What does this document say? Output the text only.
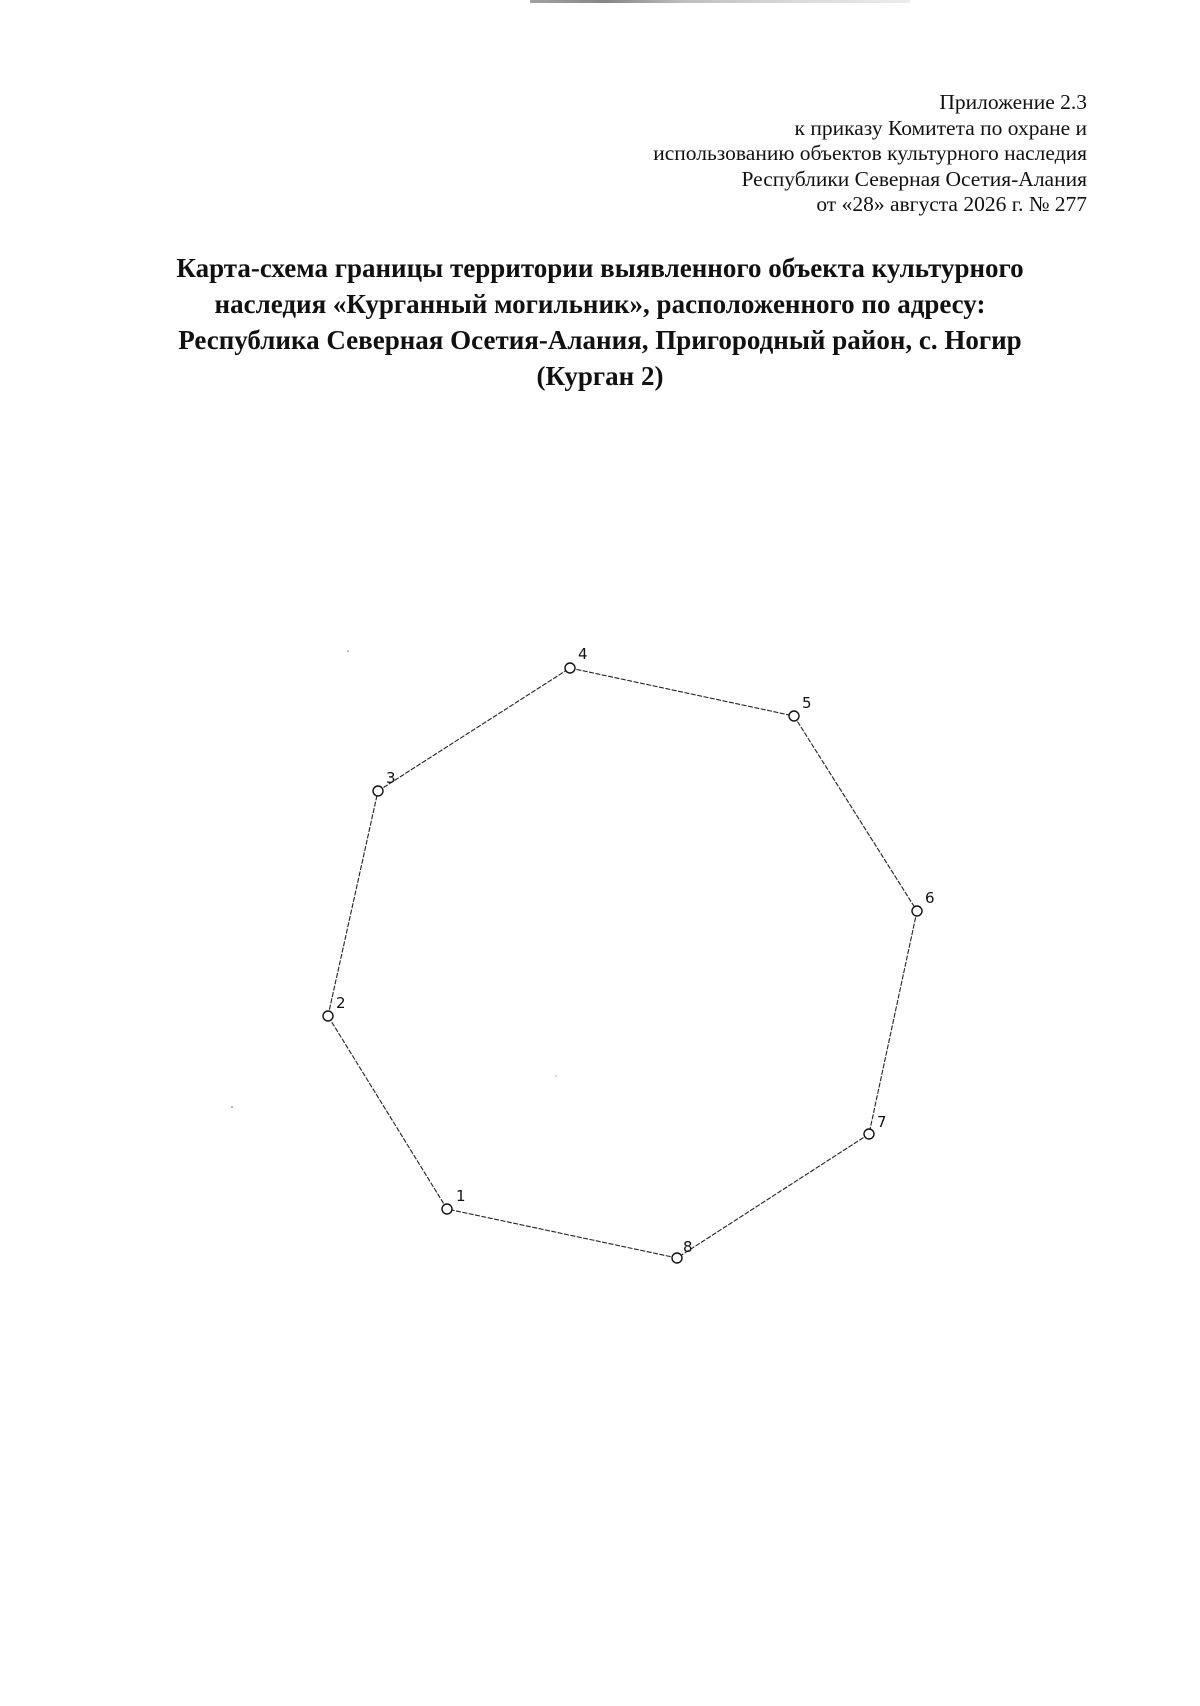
Приложение 2.3
к приказу Комитета по охране и
использованию объектов культурного наследия
Республики Северная Осетия-Алания
от «28» августа 2026 г. № 277
Карта-схема границы территории выявленного объекта культурного
наследия «Курганный могильник», расположенного по адресу:
Республика Северная Осетия-Алания, Пригородный район, с. Ногир
(Курган 2)
1
2
3
4
5
6
7
8
